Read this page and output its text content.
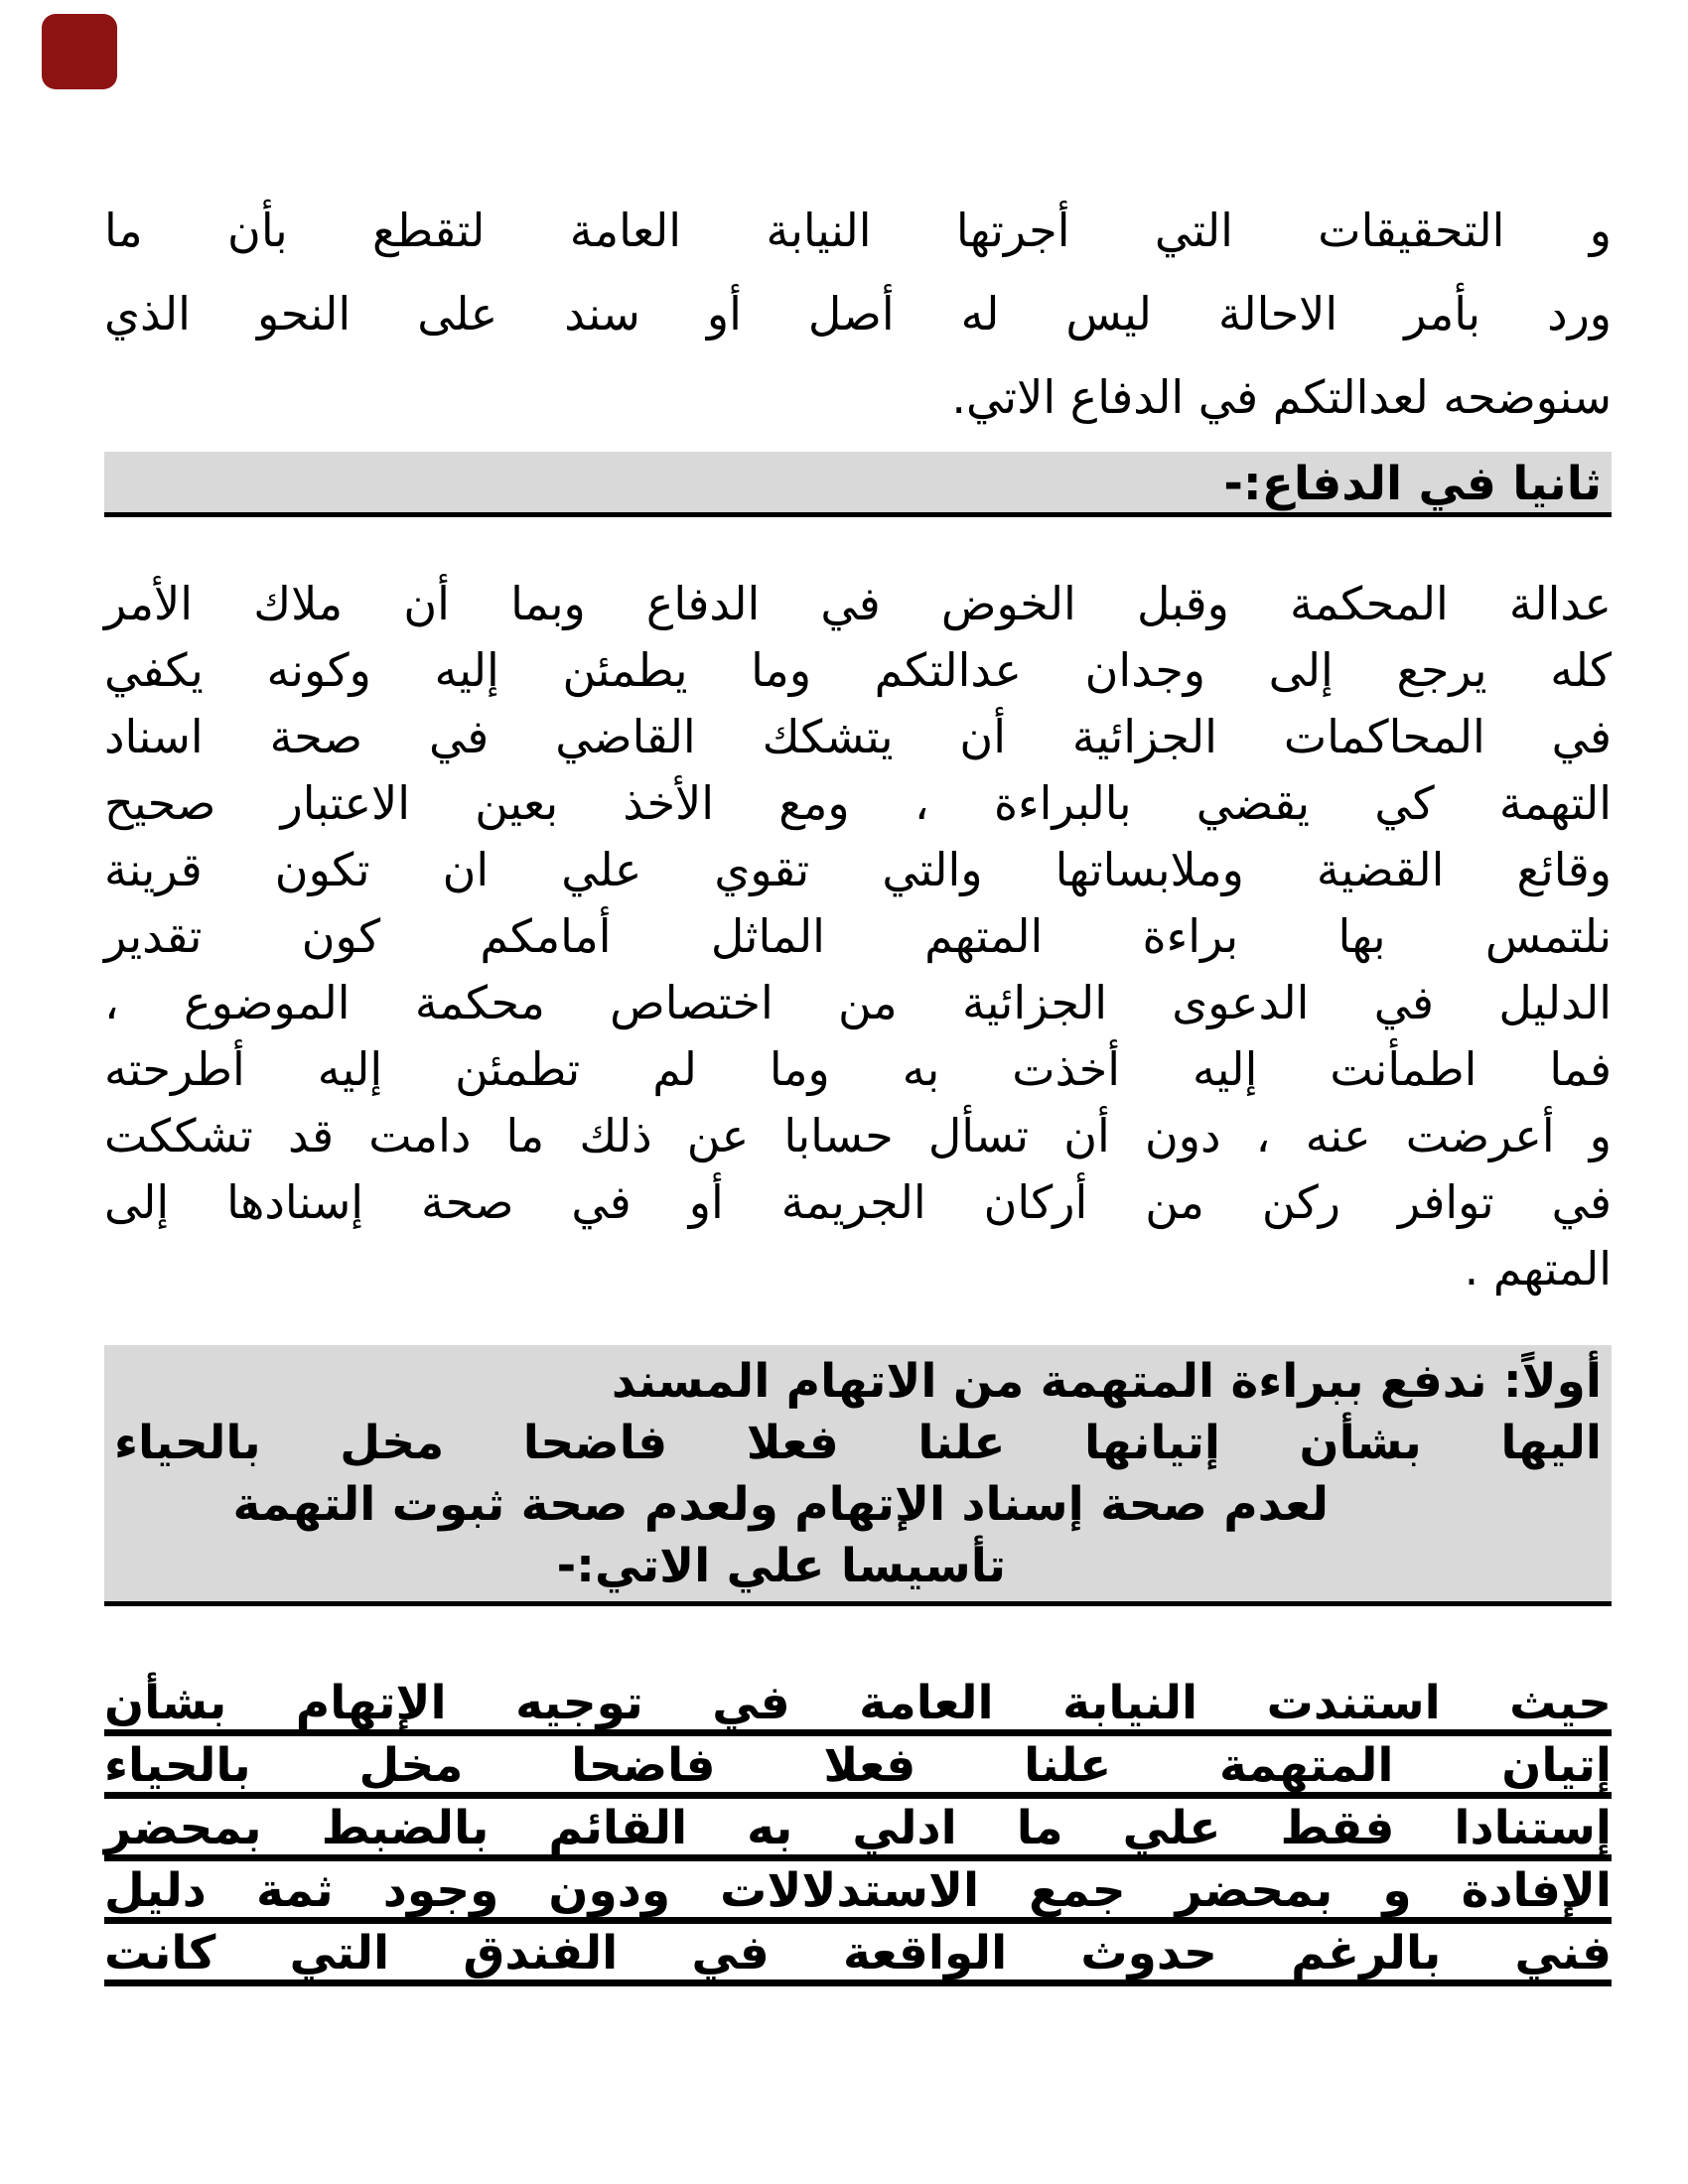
و التحقيقات التي أجرتها النيابة العامة لتقطع بأن ما
ورد بأمر الاحالة ليس له أصل أو سند على النحو الذي
سنوضحه لعدالتكم في الدفاع الاتي.
ثانيا في الدفاع:-
عدالة المحكمة وقبل الخوض في الدفاع وبما أن ملاك الأمر
كله يرجع إلى وجدان عدالتكم وما يطمئن إليه وكونه يكفي
في المحاكمات الجزائية أن يتشكك القاضي في صحة اسناد
التهمة كي يقضي بالبراءة ، ومع الأخذ بعين الاعتبار صحيح
وقائع القضية وملابساتها والتي تقوي علي ان تكون قرينة
نلتمس بها براءة المتهم الماثل أمامكم كون تقدير
الدليل في الدعوى الجزائية من اختصاص محكمة الموضوع ،
فما اطمأنت إليه أخذت به وما لم تطمئن إليه أطرحته
و أعرضت عنه ، دون أن تسأل حسابا عن ذلك ما دامت قد تشككت
في توافر ركن من أركان الجريمة أو في صحة إسنادها إلى
المتهم .
أولاً: ندفع ببراءة المتهمة من الاتهام المسند
اليها بشأن إتيانها علنا فعلا فاضحا مخل بالحياء
لعدم صحة إسناد الإتهام ولعدم صحة ثبوت التهمة
تأسيسا علي الاتي:-
حيث استندت النيابة العامة في توجيه الإتهام بشأن
إتيان المتهمة علنا فعلا فاضحا مخل بالحياء
إستنادا فقط علي ما ادلي به القائم بالضبط بمحضر
الإفادة و بمحضر جمع الاستدلالات ودون وجود ثمة دليل
فني بالرغم حدوث الواقعة في الفندق التي كانت
